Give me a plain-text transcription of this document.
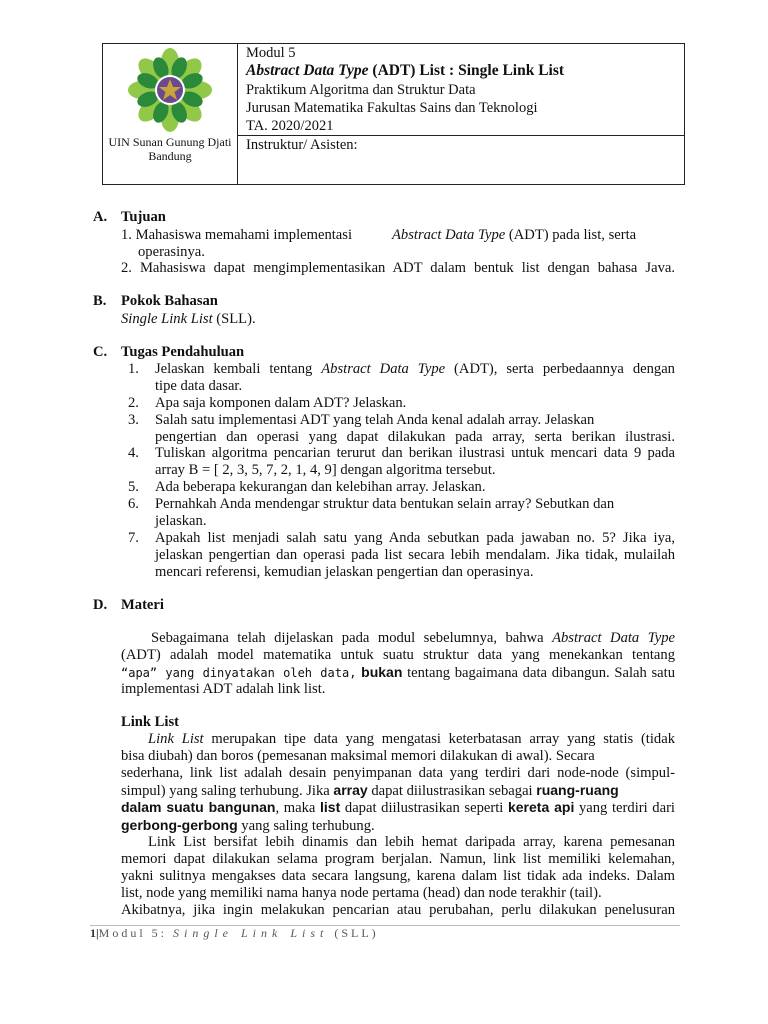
UIN Sunan Gunung Djati
Bandung
Modul 5
Abstract Data Type (ADT) List : Single Link List
Praktikum Algoritma dan Struktur Data
Jurusan Matematika Fakultas Sains dan Teknologi
TA. 2020/2021
Instruktur/ Asisten:
A. Tujuan
1. Mahasiswa memahami implementasi	Abstract Data Type (ADT) pada list, serta
operasinya.
2. Mahasiswa dapat mengimplementasikan ADT dalam bentuk list dengan bahasa Java.
B. Pokok Bahasan
Single Link List (SLL).
C. Tugas Pendahuluan
1. Jelaskan kembali tentang Abstract Data Type (ADT), serta perbedaannya dengan
tipe data dasar.
2. Apa saja komponen dalam ADT? Jelaskan.
3. Salah satu implementasi ADT yang telah Anda kenal adalah array. Jelaskan
pengertian dan operasi yang dapat dilakukan pada array, serta berikan ilustrasi.
4. Tuliskan algoritma pencarian terurut dan berikan ilustrasi untuk mencari data 9 pada
array B = [ 2, 3, 5, 7, 2, 1, 4, 9] dengan algoritma tersebut.
5. Ada beberapa kekurangan dan kelebihan array. Jelaskan.
6. Pernahkah Anda mendengar struktur data bentukan selain array? Sebutkan dan
jelaskan.
7. Apakah list menjadi salah satu yang Anda sebutkan pada jawaban no. 5? Jika iya,
jelaskan pengertian dan operasi pada list secara lebih mendalam. Jika tidak, mulailah
mencari referensi, kemudian jelaskan pengertian dan operasinya.
D. Materi
Sebagaimana telah dijelaskan pada modul sebelumnya, bahwa Abstract Data Type
(ADT) adalah model matematika untuk suatu struktur data yang menekankan tentang
“apa” yang dinyatakan oleh data, bukan tentang bagaimana data dibangun. Salah satu
implementasi ADT adalah link list.
Link List
Link List merupakan tipe data yang mengatasi keterbatasan array yang statis (tidak
bisa diubah) dan boros (pemesanan maksimal memori dilakukan di awal). Secara
sederhana, link list adalah desain penyimpanan data yang terdiri dari node-node (simpul-
simpul) yang saling terhubung. Jika array dapat diilustrasikan sebagai ruang-ruang
dalam suatu bangunan, maka list dapat diilustrasikan seperti kereta api yang terdiri dari
gerbong-gerbong yang saling terhubung.
Link List bersifat lebih dinamis dan lebih hemat daripada array, karena pemesanan
memori dapat dilakukan selama program berjalan. Namun, link list memiliki kelemahan,
yakni sulitnya mengakses data secara langsung, karena dalam list tidak ada indeks. Dalam
list, node yang memiliki nama hanya node pertama (head) dan node terakhir (tail).
Akibatnya, jika ingin melakukan pencarian atau perubahan, perlu dilakukan penelusuran
1|Modul 5: Single Link List (SLL)
